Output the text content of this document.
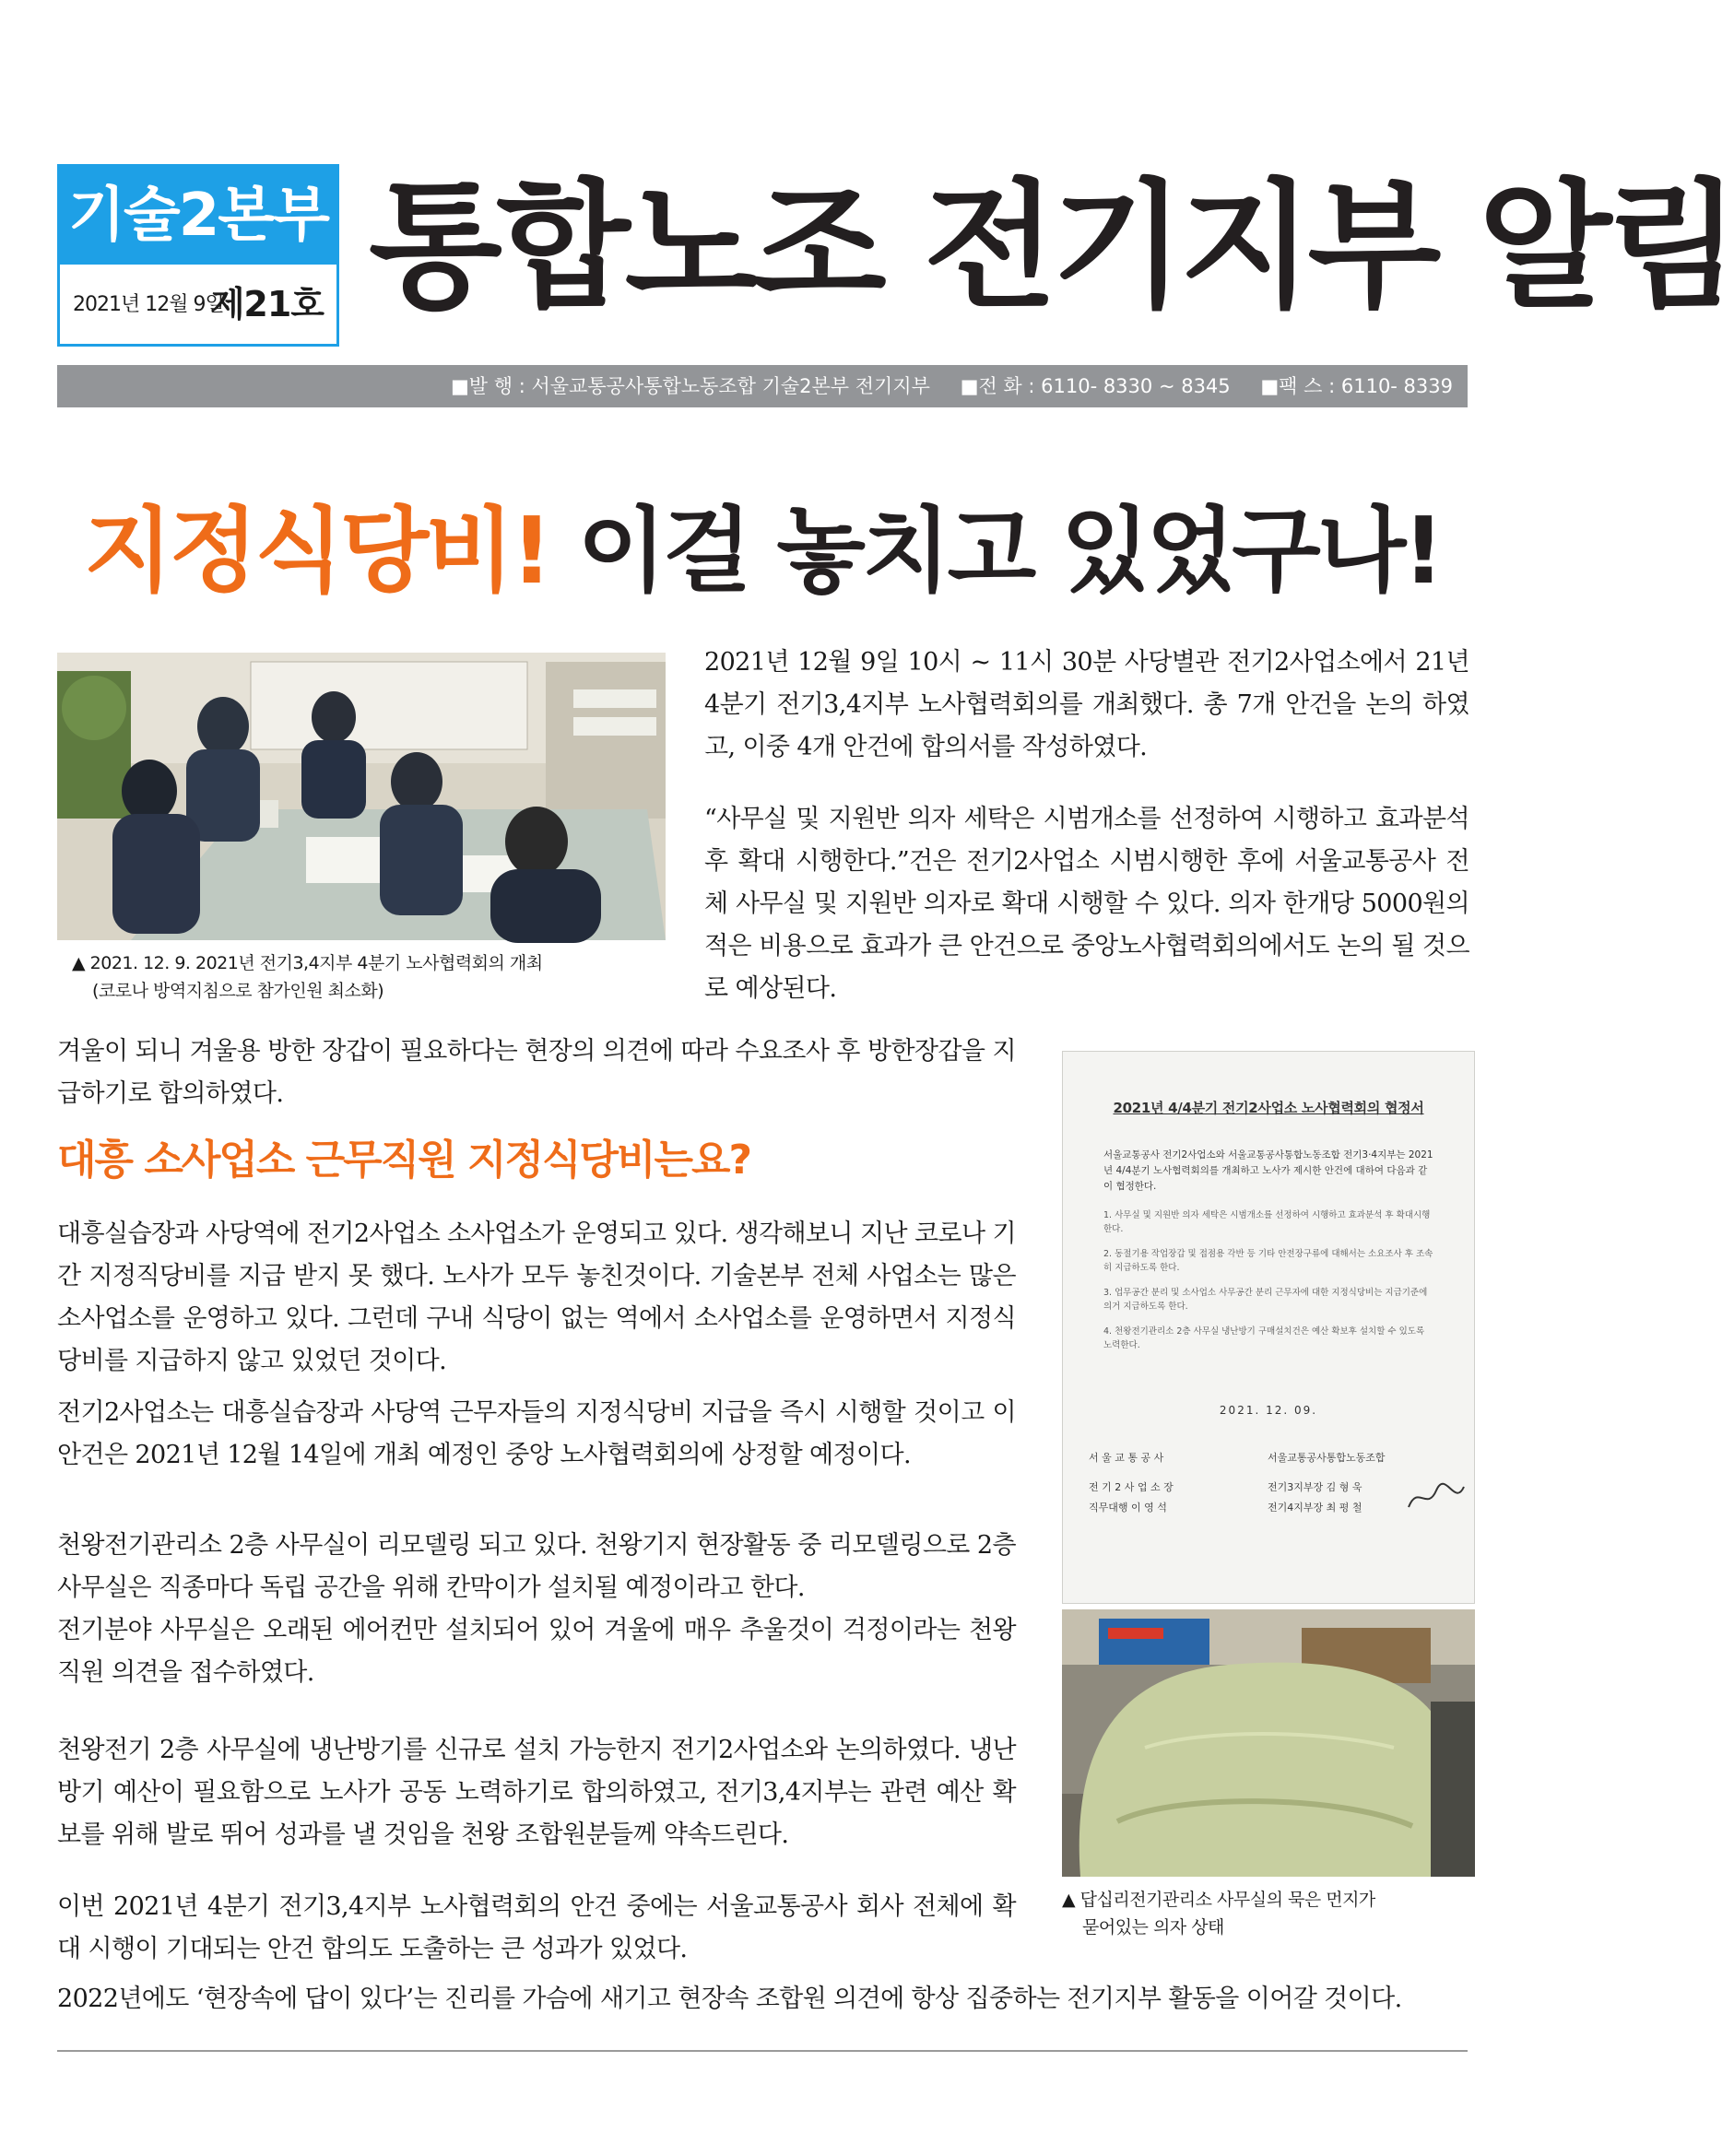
기술2본부
2021년 12월 9일
제21호 통합노조 전기지부 알림
■발 행 : 서울교통공사통합노동조합 기술2본부 전기지부 ■전 화 : 6110- 8330 ~ 8345 ■팩 스 : 6110- 8339
지정식당비! 이걸 놓치고 있었구나!
▲ 2021. 12. 9. 2021년 전기3,4지부 4분기 노사협력회의 개최
(코로나 방역지침으로 참가인원 최소화)

2021년 12월 9일 10시 ~ 11시 30분 사당별관 전기2사업소에서 21년 4분기 전기3,4지부 노사협력회의를 개최했다. 총 7개 안건을 논의 하였고, 이중 4개 안건에 합의서를 작성하였다.

“사무실 및 지원반 의자 세탁은 시범개소를 선정하여 시행하고 효과분석 후 확대 시행한다.”건은 전기2사업소 시범시행한 후에 서울교통공사 전체 사무실 및 지원반 의자로 확대 시행할 수 있다. 의자 한개당 5000원의 적은 비용으로 효과가 큰 안건으로 중앙노사협력회의에서도 논의 될 것으로 예상된다.

겨울이 되니 겨울용 방한 장갑이 필요하다는 현장의 의견에 따라 수요조사 후 방한장갑을 지급하기로 합의하였다.

대흥 소사업소 근무직원 지정식당비는요?

대흥실습장과 사당역에 전기2사업소 소사업소가 운영되고 있다. 생각해보니 지난 코로나 기간 지정직당비를 지급 받지 못 했다. 노사가 모두 놓친것이다. 기술본부 전체 사업소는 많은 소사업소를 운영하고 있다. 그런데 구내 식당이 없는 역에서 소사업소를 운영하면서 지정식당비를 지급하지 않고 있었던 것이다.

전기2사업소는 대흥실습장과 사당역 근무자들의 지정식당비 지급을 즉시 시행할 것이고 이 안건은 2021년 12월 14일에 개최 예정인 중앙 노사협력회의에 상정할 예정이다.

천왕전기관리소 2층 사무실이 리모델링 되고 있다. 천왕기지 현장활동 중 리모델링으로 2층 사무실은 직종마다 독립 공간을 위해 칸막이가 설치될 예정이라고 한다.

전기분야 사무실은 오래된 에어컨만 설치되어 있어 겨울에 매우 추울것이 걱정이라는 천왕직원 의견을 접수하였다.

천왕전기 2층 사무실에 냉난방기를 신규로 설치 가능한지 전기2사업소와 논의하였다. 냉난방기 예산이 필요함으로 노사가 공동 노력하기로 합의하였고, 전기3,4지부는 관련 예산 확보를 위해 발로 뛰어 성과를 낼 것임을 천왕 조합원분들께 약속드린다.

이번 2021년 4분기 전기3,4지부 노사협력회의 안건 중에는 서울교통공사 회사 전체에 확대 시행이 기대되는 안건 합의도 도출하는 큰 성과가 있었다.

2022년에도 ‘현장속에 답이 있다’는 진리를 가슴에 새기고 현장속 조합원 의견에 항상 집중하는 전기지부 활동을 이어갈 것이다.

2021년 4/4분기 전기2사업소 노사협력회의 협정서
서울교통공사 전기2사업소와 서울교통공사통합노동조합 전기3·4지부는 2021년 4/4분기 노사협력회의를 개최하고 노사가 제시한 안건에 대하여 다음과 같이 협정한다.
1. 사무실 및 지원반 의자 세탁은 시범개소를 선정하여 시행하고 효과분석 후 확대시행 한다.
2. 동절기용 작업장갑 및 접점용 각반 등 기타 안전장구류에 대해서는 소요조사 후 조속히 지급하도록 한다.
3. 업무공간 분리 및 소사업소 사무공간 분리 근무자에 대한 지정식당비는 지급기준에 의거 지급하도록 한다.
4. 천왕전기관리소 2층 사무실 냉난방기 구매설치건은 예산 확보후 설치할 수 있도록 노력한다.
2021. 12. 09.
서 울 교 통 공 사
전 기 2 사 업 소 장
직무대행 이 영 석
서울교통공사통합노동조합
전기3지부장 김 형 욱
전기4지부장 최 평 철
▲ 답십리전기관리소 사무실의 묵은 먼지가
묻어있는 의자 상태
